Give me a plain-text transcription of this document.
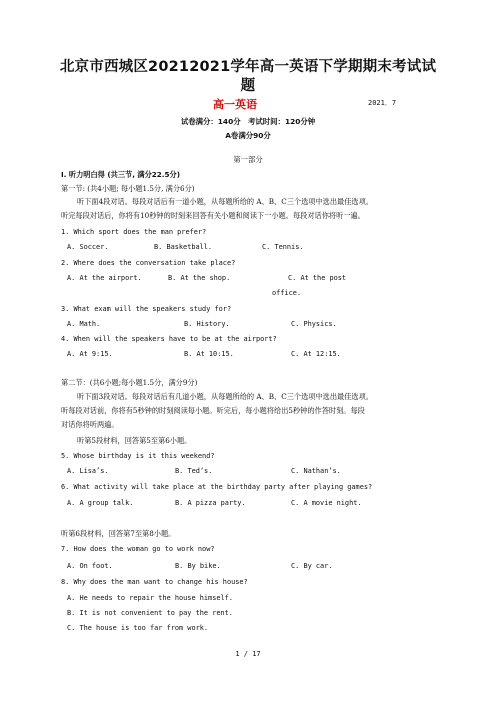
北京市西城区20212021学年高一英语下学期期末考试试
题
高一英语	2021．7
试卷满分：140分　考试时间：120分钟
A卷满分90分
第一部分
I. 听力明白得 (共三节, 满分22.5分)
第一节: (共4小题; 每小题1.5分, 满分6分)
听下面4段对话。每段对话后有一道小题，从每题所给的 A、B、C三个选项中选出最佳选项。
听完每段对话后，你将有10秒钟的时刻来回答有关小题和阅读下一小题。每段对话你将听一遍。
1. Which sport does the man prefer?
A. Soccer.	B. Basketball.	C. Tennis.
2. Where does the conversation take place?
A. At the airport.	B. At the shop.	C. At the post
office.
3. What exam will the speakers study for?
A. Math.	B. History.	C. Physics.
4. When will the speakers have to be at the airport?
A. At 9:15.	B. At 10:15.	C. At 12:15.
第二节：(共6小题;每小题1.5分，满分9分)
听下面3段对话。每段对话后有几道小题，从每题所给的 A、B、C三个选项中选出最佳选项。
听每段对话前，你将有5秒钟的时刻阅读每小题。听完后，每小题将给出5秒钟的作答时刻。每段
对话你将听两遍。
听第5段材料，回答第5至第6小题。
5. Whose birthday is it this weekend?
A. Lisa’s.	B. Ted’s.	C. Nathan’s.
6. What activity will take place at the birthday party after playing games?
A. A group talk.	B. A pizza party.	C. A movie night.
听第6段材料，回答第7至第8小题。
7. How does the woman go to work now?
A. On foot.	B. By bike.	C. By car.
8. Why does the man want to change his house?
A. He needs to repair the house himself.
B. It is not convenient to pay the rent.
C. The house is too far from work.
1 / 17
